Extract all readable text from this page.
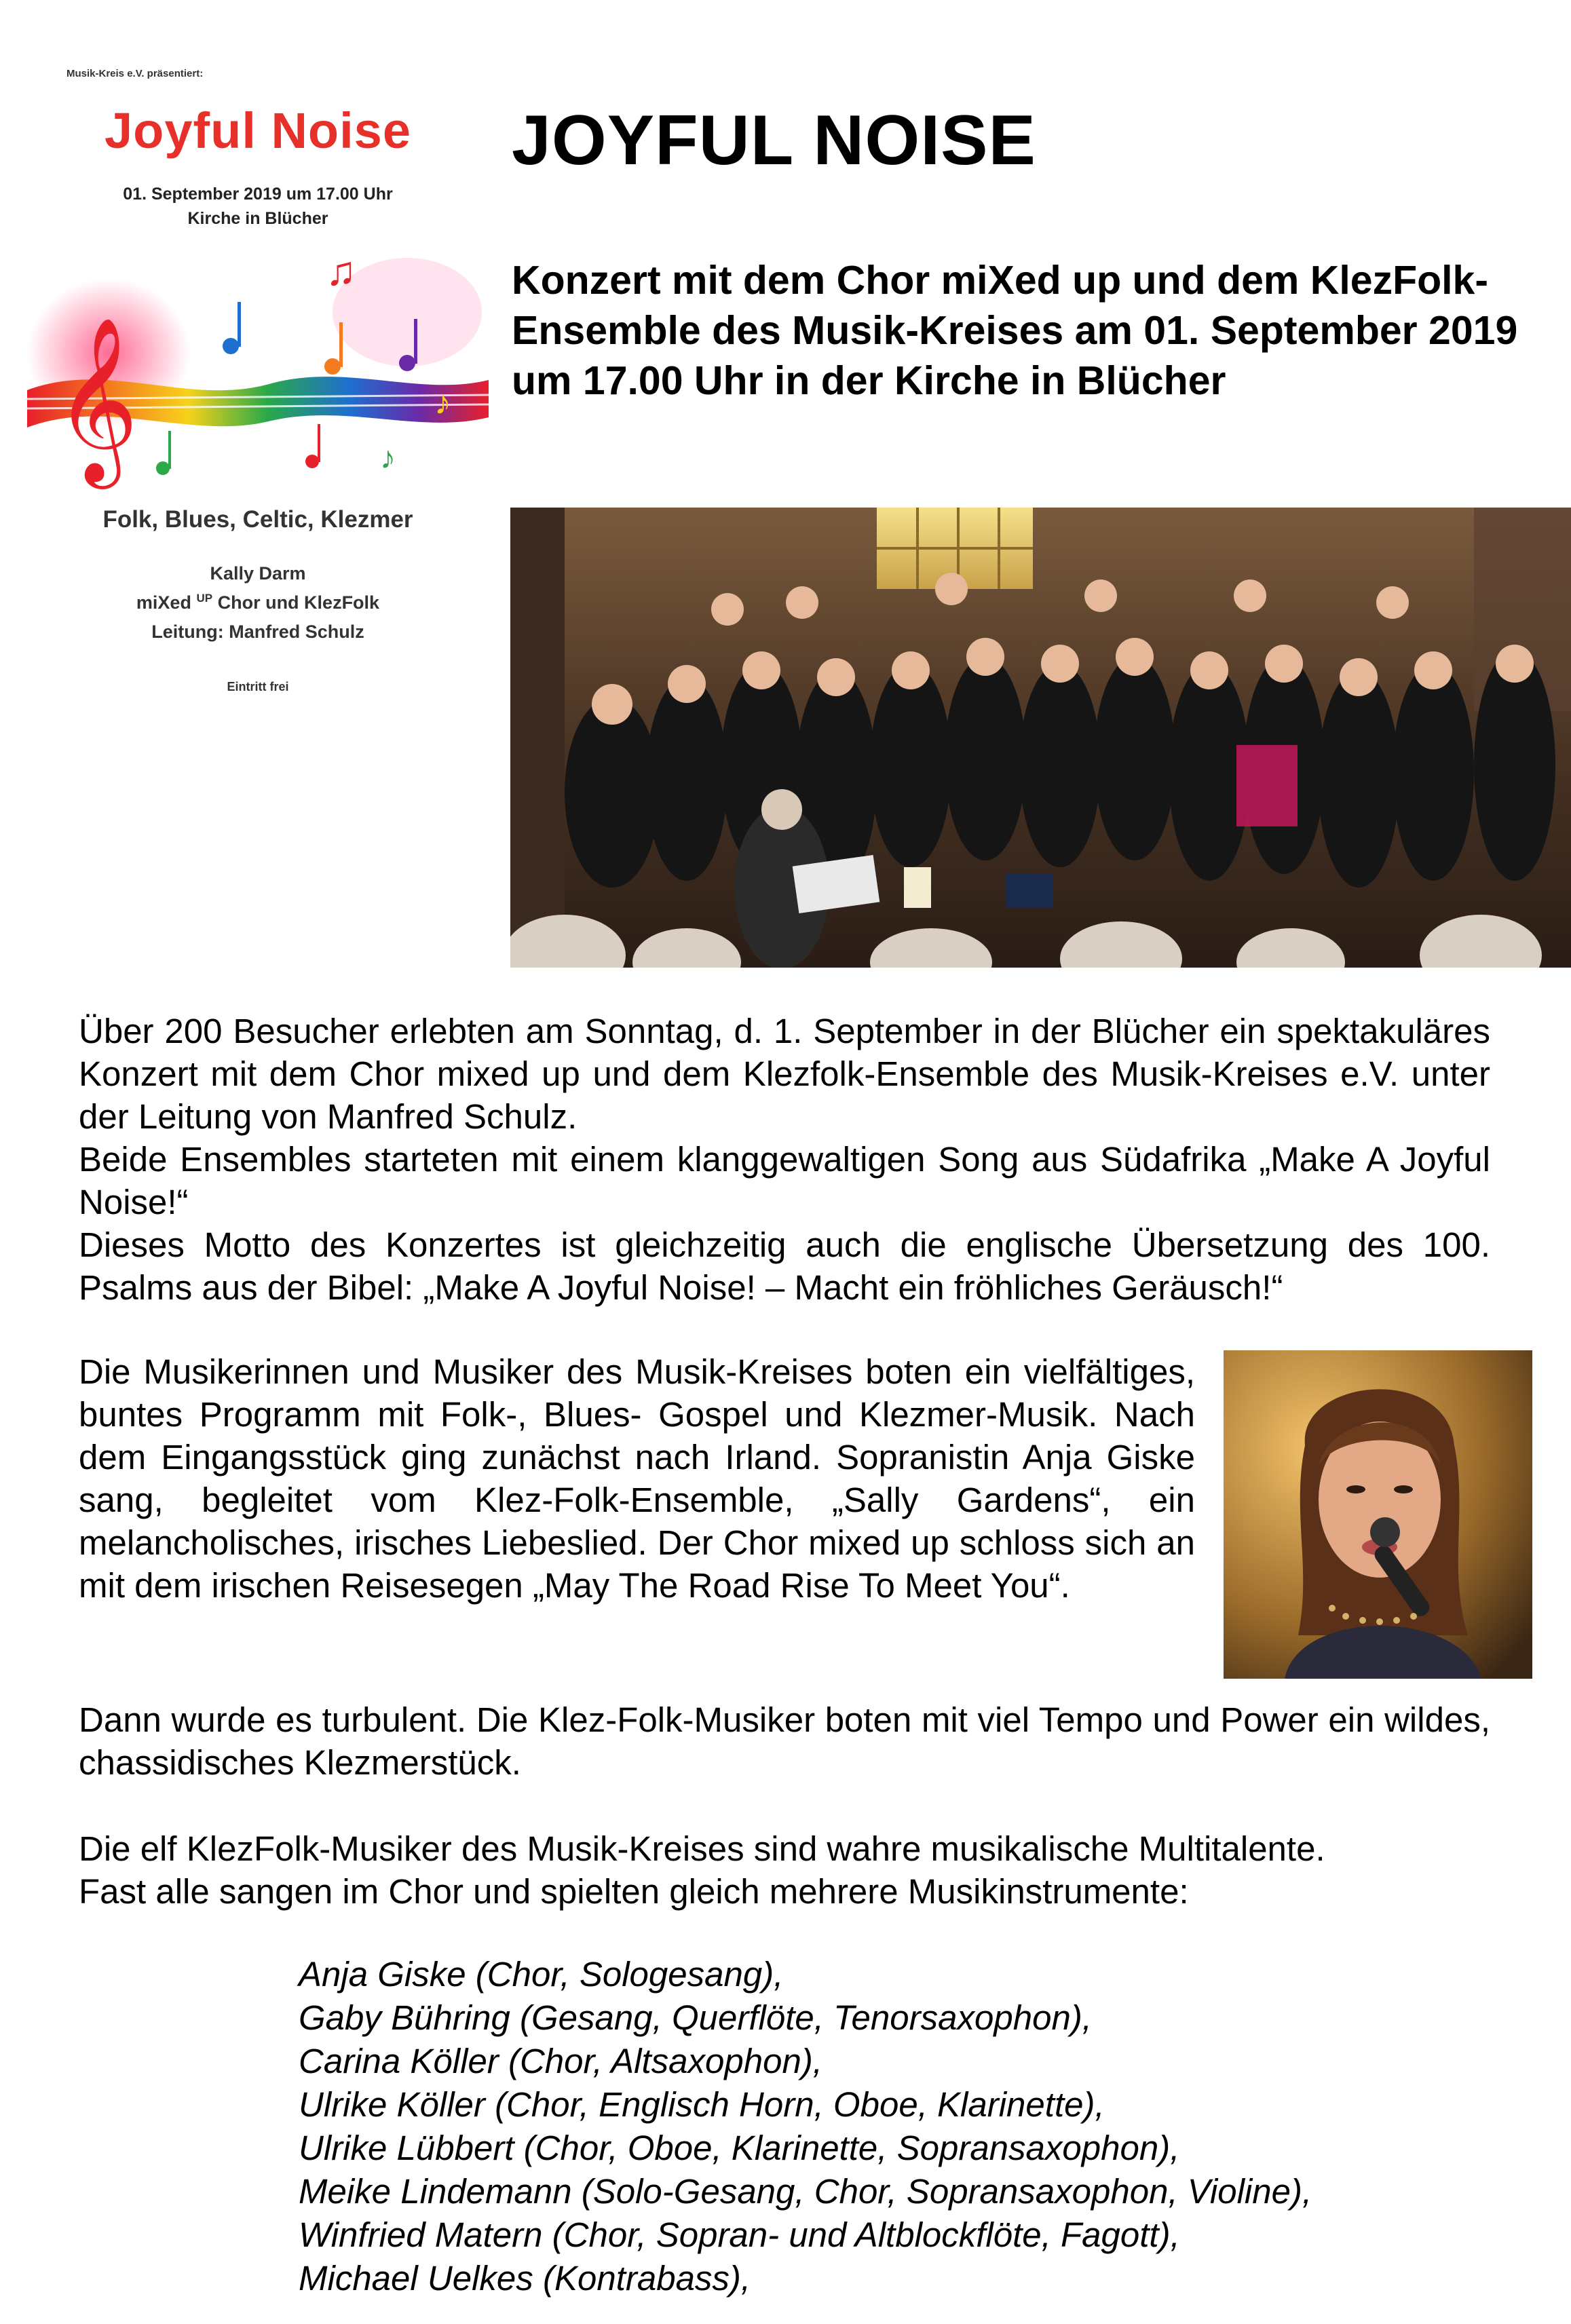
Musik-Kreis e.V. präsentiert:
Joyful Noise
01. September 2019 um 17.00 Uhr
Kirche in Blücher
𝄞
♫
♪
♪
Folk, Blues, Celtic, Klezmer
Kally Darm
miXed $^{UP}$ Chor und KlezFolk
Leitung: Manfred Schulz
Eintritt frei
JOYFUL NOISE
Konzert mit dem Chor miXed up und dem KlezFolk-Ensemble des Musik-Kreises am 01. September 2019 um 17.00 Uhr in der Kirche in Blücher
Über 200 Besucher erlebten am Sonntag, d. 1. September in der Blücher ein spektakuläres Konzert mit dem Chor mixed up und dem Klezfolk-Ensemble des Musik-Kreises e.V. unter der Leitung von Manfred Schulz.
Beide Ensembles starteten mit einem klanggewaltigen Song aus Südafrika „Make A Joyful Noise!“
Dieses Motto des Konzertes ist gleichzeitig auch die englische Übersetzung des 100. Psalms aus der Bibel: „Make A Joyful Noise! – Macht ein fröhliches Geräusch!“
Die Musikerinnen und Musiker des Musik-Kreises boten ein vielfältiges, buntes Programm mit Folk-, Blues- Gospel und Klezmer-Musik. Nach dem Eingangsstück ging zunächst nach Irland. Sopranistin Anja Giske sang, begleitet vom Klez-Folk-Ensemble, „Sally Gardens“, ein melancholisches, irisches Liebeslied. Der Chor mixed up schloss sich an mit dem irischen Reisesegen „May The Road Rise To Meet You“.
Dann wurde es turbulent. Die Klez-Folk-Musiker boten mit viel Tempo und Power ein wildes, chassidisches Klezmerstück.
Die elf KlezFolk-Musiker des Musik-Kreises sind wahre musikalische Multitalente.
Fast alle sangen im Chor und spielten gleich mehrere Musikinstrumente:
Anja Giske (Chor, Sologesang),
Gaby Bühring (Gesang, Querflöte, Tenorsaxophon),
Carina Köller (Chor, Altsaxophon),
Ulrike Köller (Chor, Englisch Horn, Oboe, Klarinette),
Ulrike Lübbert (Chor, Oboe, Klarinette, Sopransaxophon),
Meike Lindemann (Solo-Gesang, Chor, Sopransaxophon, Violine),
Winfried Matern (Chor, Sopran- und Altblockflöte, Fagott),
Michael Uelkes (Kontrabass),
